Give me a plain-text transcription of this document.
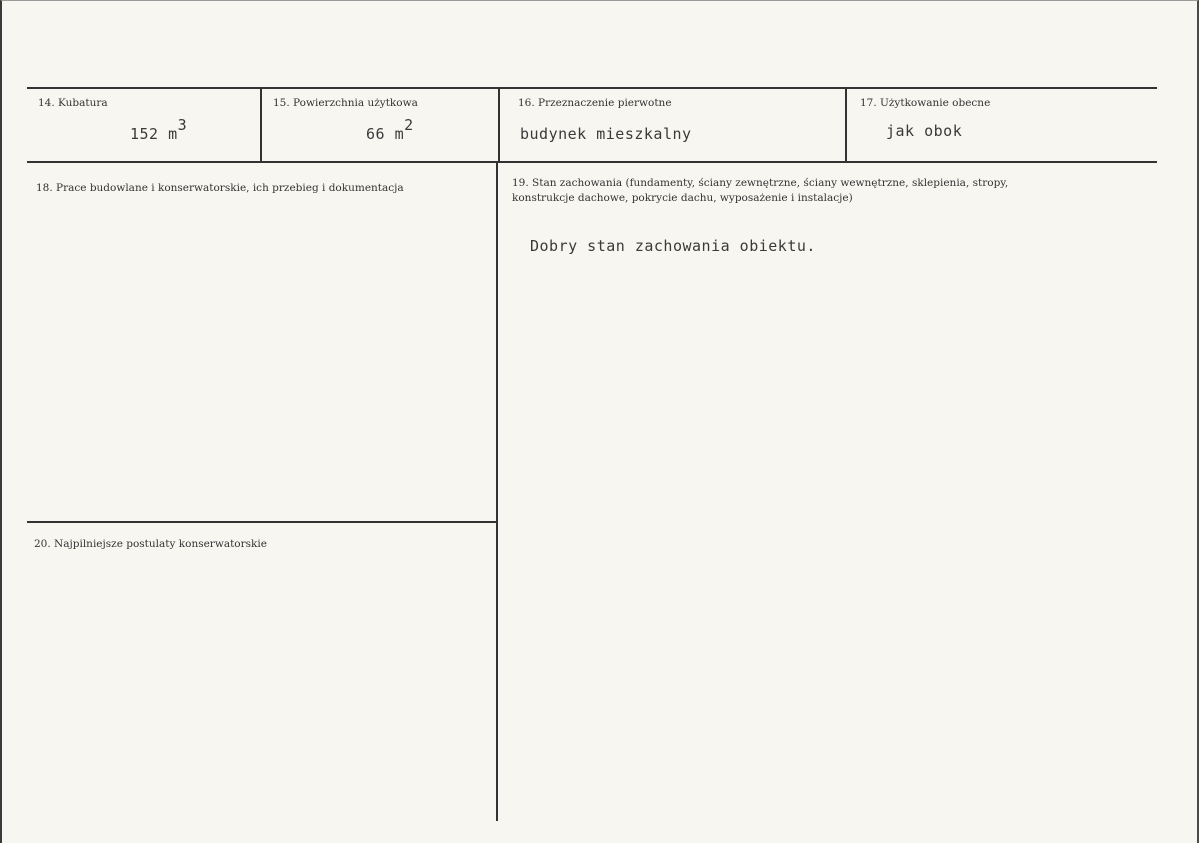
14. Kubatura
152 m3
15. Powierzchnia użytkowa
66 m2
16. Przeznaczenie pierwotne
budynek mieszkalny
17. Użytkowanie obecne
jak obok
18. Prace budowlane i konserwatorskie, ich przebieg i dokumentacja	19. Stan zachowania (fundamenty, ściany zewnętrzne, ściany wewnętrzne, sklepienia, stropy,
konstrukcje dachowe, pokrycie dachu, wyposażenie i instalacje)
Dobry stan zachowania obiektu.
20. Najpilniejsze postulaty konserwatorskie
